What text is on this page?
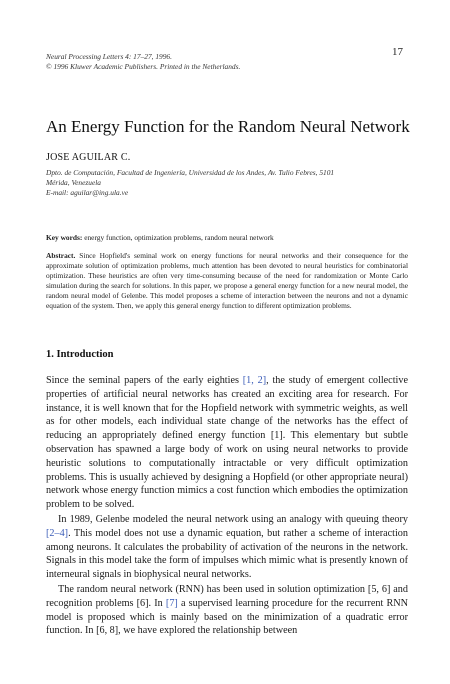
Neural Processing Letters 4: 17–27, 1996.
© 1996 Kluwer Academic Publishers. Printed in the Netherlands.
17
An Energy Function for the Random Neural Network
JOSE AGUILAR C.
Dpto. de Computación, Facultad de Ingeniería, Universidad de los Andes, Av. Tulio Febres, 5101
Mérida, Venezuela
E-mail: aguilar@ing.ula.ve
Key words: energy function, optimization problems, random neural network
Abstract. Since Hopfield's seminal work on energy functions for neural networks and their consequence for the approximate solution of optimization problems, much attention has been devoted to neural heuristics for combinatorial optimization. These heuristics are often very time-consuming because of the need for randomization or Monte Carlo simulation during the search for solutions. In this paper, we propose a general energy function for a new neural model, the random neural model of Gelenbe. This model proposes a scheme of interaction between the neurons and not a dynamic equation of the system. Then, we apply this general energy function to different optimization problems.
1. Introduction

Since the seminal papers of the early eighties [1, 2], the study of emergent collective properties of artificial neural networks has created an exciting area for research. For instance, it is well known that for the Hopfield network with symmetric weights, as well as for other models, each individual state change of the networks has the effect of reducing an appropriately defined energy function [1]. This elementary but subtle observation has spawned a large body of work on using neural networks to provide heuristic solutions to computationally intractable or very difficult optimization problems. This is usually achieved by designing a Hopfield (or other appropriate neural) network whose energy function mimics a cost function which embodies the optimization problem to be solved.

In 1989, Gelenbe modeled the neural network using an analogy with queuing theory [2–4]. This model does not use a dynamic equation, but rather a scheme of interaction among neurons. It calculates the probability of activation of the neurons in the network. Signals in this model take the form of impulses which mimic what is presently known of interneural signals in biophysical neural networks.

The random neural network (RNN) has been used in solution optimization [5, 6] and recognition problems [6]. In [7] a supervised learning procedure for the recurrent RNN model is proposed which is mainly based on the minimization of a quadratic error function. In [6, 8], we have explored the relationship between
